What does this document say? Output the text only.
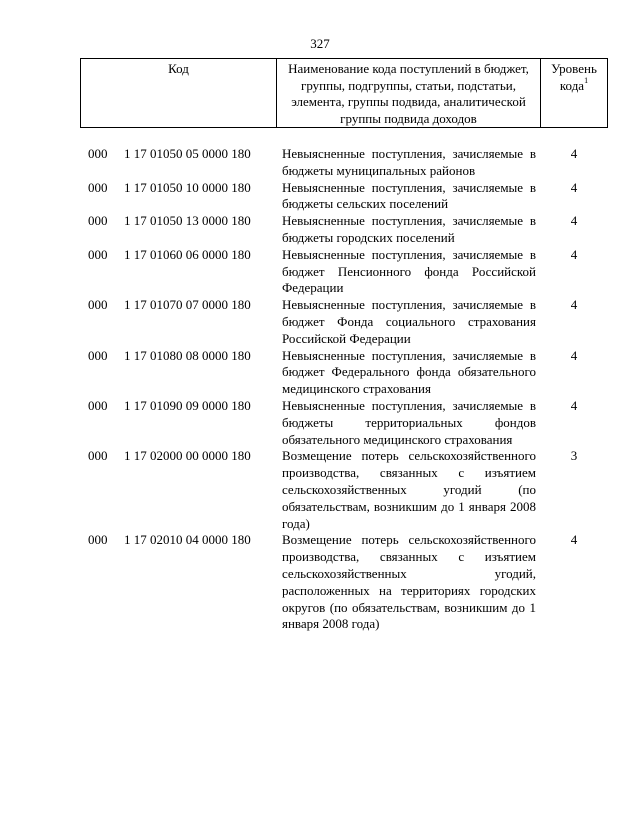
327
Код	Наименование кода поступлений в бюджет, группы, подгруппы, статьи, подстатьи, элемента, группы подвида, аналитической группы подвида доходов
Уровень кода$^1$
000 1 17 01050 05 0000 180 Невыясненные поступления, зачисляемые в бюджеты муниципальных районов
4
000 1 17 01050 10 0000 180 Невыясненные поступления, зачисляемые в бюджеты сельских поселений
4
000 1 17 01050 13 0000 180 Невыясненные поступления, зачисляемые в бюджеты городских поселений
4
000 1 17 01060 06 0000 180 Невыясненные поступления, зачисляемые в бюджет Пенсионного фонда Российской Федерации
4
000 1 17 01070 07 0000 180 Невыясненные поступления, зачисляемые в бюджет Фонда социального страхования Российской Федерации
4
000 1 17 01080 08 0000 180 Невыясненные поступления, зачисляемые в бюджет Федерального фонда обязательного медицинского страхования
4
000 1 17 01090 09 0000 180 Невыясненные поступления, зачисляемые в бюджеты территориальных фондов обязательного медицинского страхования
4
000 1 17 02000 00 0000 180 Возмещение потерь сельскохозяйственного производства, связанных с изъятием сельскохозяйственных угодий (по обязательствам, возникшим до 1 января 2008 года)
3
000 1 17 02010 04 0000 180 Возмещение потерь сельскохозяйственного производства, связанных с изъятием сельскохозяйственных угодий, расположенных на территориях городских округов (по обязательствам, возникшим до 1 января 2008 года)
4
